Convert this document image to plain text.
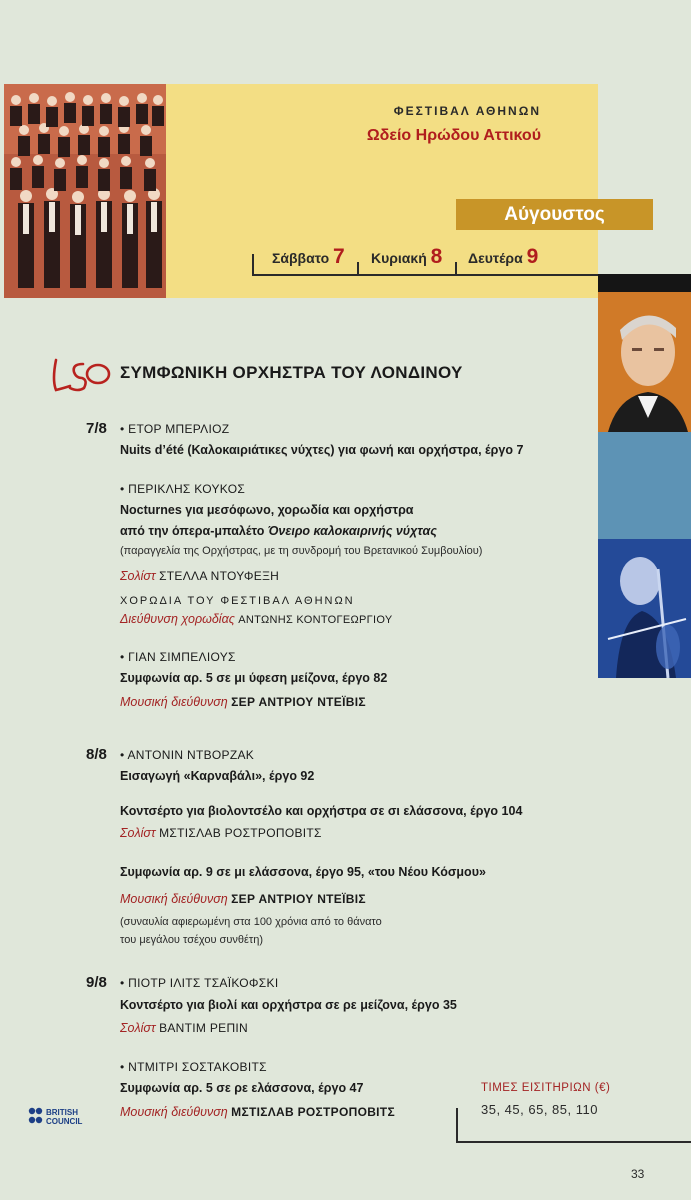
ΦΕΣΤΙΒΑΛ ΑΘΗΝΩΝ
Ωδείο Ηρώδου Αττικού
Αύγουστος
Σάββατο 7 Κυριακή 8 Δευτέρα 9
ΣΥΜΦΩΝΙΚΗ ΟΡΧΗΣΤΡΑ ΤΟΥ ΛΟΝΔΙΝΟΥ
7/8 • ΕΤΟΡ ΜΠΕΡΛΙΟΖ
Nuits d’été (Καλοκαιριάτικες νύχτες) για φωνή και ορχήστρα, έργο 7
• ΠΕΡΙΚΛΗΣ ΚΟΥΚΟΣ
Nocturnes για μεσόφωνο, χορωδία και ορχήστρα
από την όπερα-μπαλέτο Όνειρο καλοκαιρινής νύχτας
(παραγγελία της Ορχήστρας, με τη συνδρομή του Βρετανικού Συμβουλίου)
Σολίστ ΣΤΕΛΛΑ ΝΤΟΥΦΕΞΗ
ΧΟΡΩΔΙΑ ΤΟΥ ΦΕΣΤΙΒΑΛ ΑΘΗΝΩΝ
Διεύθυνση χορωδίας ΑΝΤΩΝΗΣ ΚΟΝΤΟΓΕΩΡΓΙΟΥ
• ΓΙΑΝ ΣΙΜΠΕΛΙΟΥΣ
Συμφωνία αρ. 5 σε μι ύφεση μείζονα, έργο 82
Μουσική διεύθυνση ΣΕΡ ΑΝΤΡΙΟΥ ΝΤΕΪΒΙΣ
8/8 • ΑΝΤΟΝΙΝ ΝΤΒΟΡΖΑΚ
Εισαγωγή «Καρναβάλι», έργο 92
Κοντσέρτο για βιολοντσέλο και ορχήστρα σε σι ελάσσονα, έργο 104
Σολίστ ΜΣΤΙΣΛΑΒ ΡΟΣΤΡΟΠΟΒΙΤΣ
Συμφωνία αρ. 9 σε μι ελάσσονα, έργο 95, «του Νέου Κόσμου»
Μουσική διεύθυνση ΣΕΡ ΑΝΤΡΙΟΥ ΝΤΕΪΒΙΣ
(συναυλία αφιερωμένη στα 100 χρόνια από το θάνατο
του μεγάλου τσέχου συνθέτη)
9/8 • ΠΙΟΤΡ ΙΛΙΤΣ ΤΣΑΪΚΟΦΣΚΙ
Κοντσέρτο για βιολί και ορχήστρα σε ρε μείζονα, έργο 35
Σολίστ ΒΑΝΤΙΜ ΡΕΠΙΝ
• ΝΤΜΙΤΡΙ ΣΟΣΤΑΚΟΒΙΤΣ
Συμφωνία αρ. 5 σε ρε ελάσσονα, έργο 47
Μουσική διεύθυνση ΜΣΤΙΣΛΑΒ ΡΟΣΤΡΟΠΟΒΙΤΣ
BRITISH
COUNCIL
ΤΙΜΕΣ ΕΙΣΙΤΗΡΙΩΝ (€)
35, 45, 65, 85, 110
33
